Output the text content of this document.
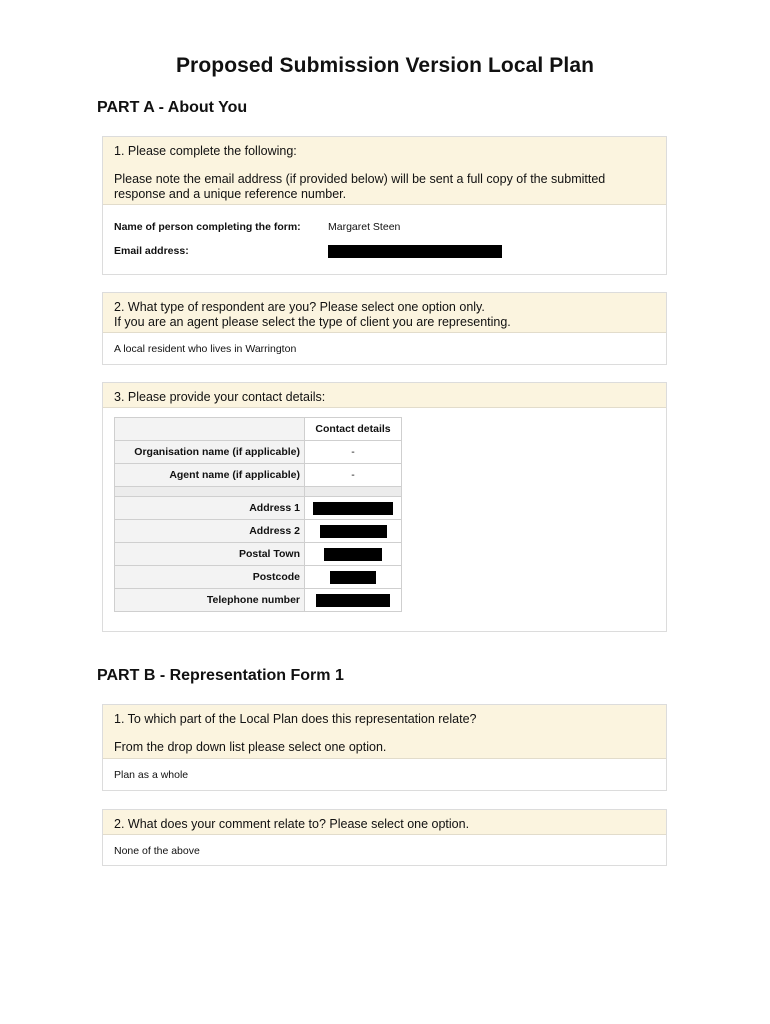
Proposed Submission Version Local Plan
PART A - About You

1. Please complete the following:

Please note the email address (if provided below) will be sent a full copy of the submitted response and a unique reference number.

Name of person completing the form:	Margaret Steen
Email address:

2. What type of respondent are you? Please select one option only.

If you are an agent please select the type of client you are representing.

A local resident who lives in Warrington

3. Please provide your contact details:

	Contact details
Organisation name (if applicable)	-
Agent name (if applicable)	-

Address 1	
Address 2	
Postal Town	
Postcode	
Telephone number	
PART B - Representation Form 1

1. To which part of the Local Plan does this representation relate?

From the drop down list please select one option.

Plan as a whole

2. What does your comment relate to? Please select one option.

None of the above
